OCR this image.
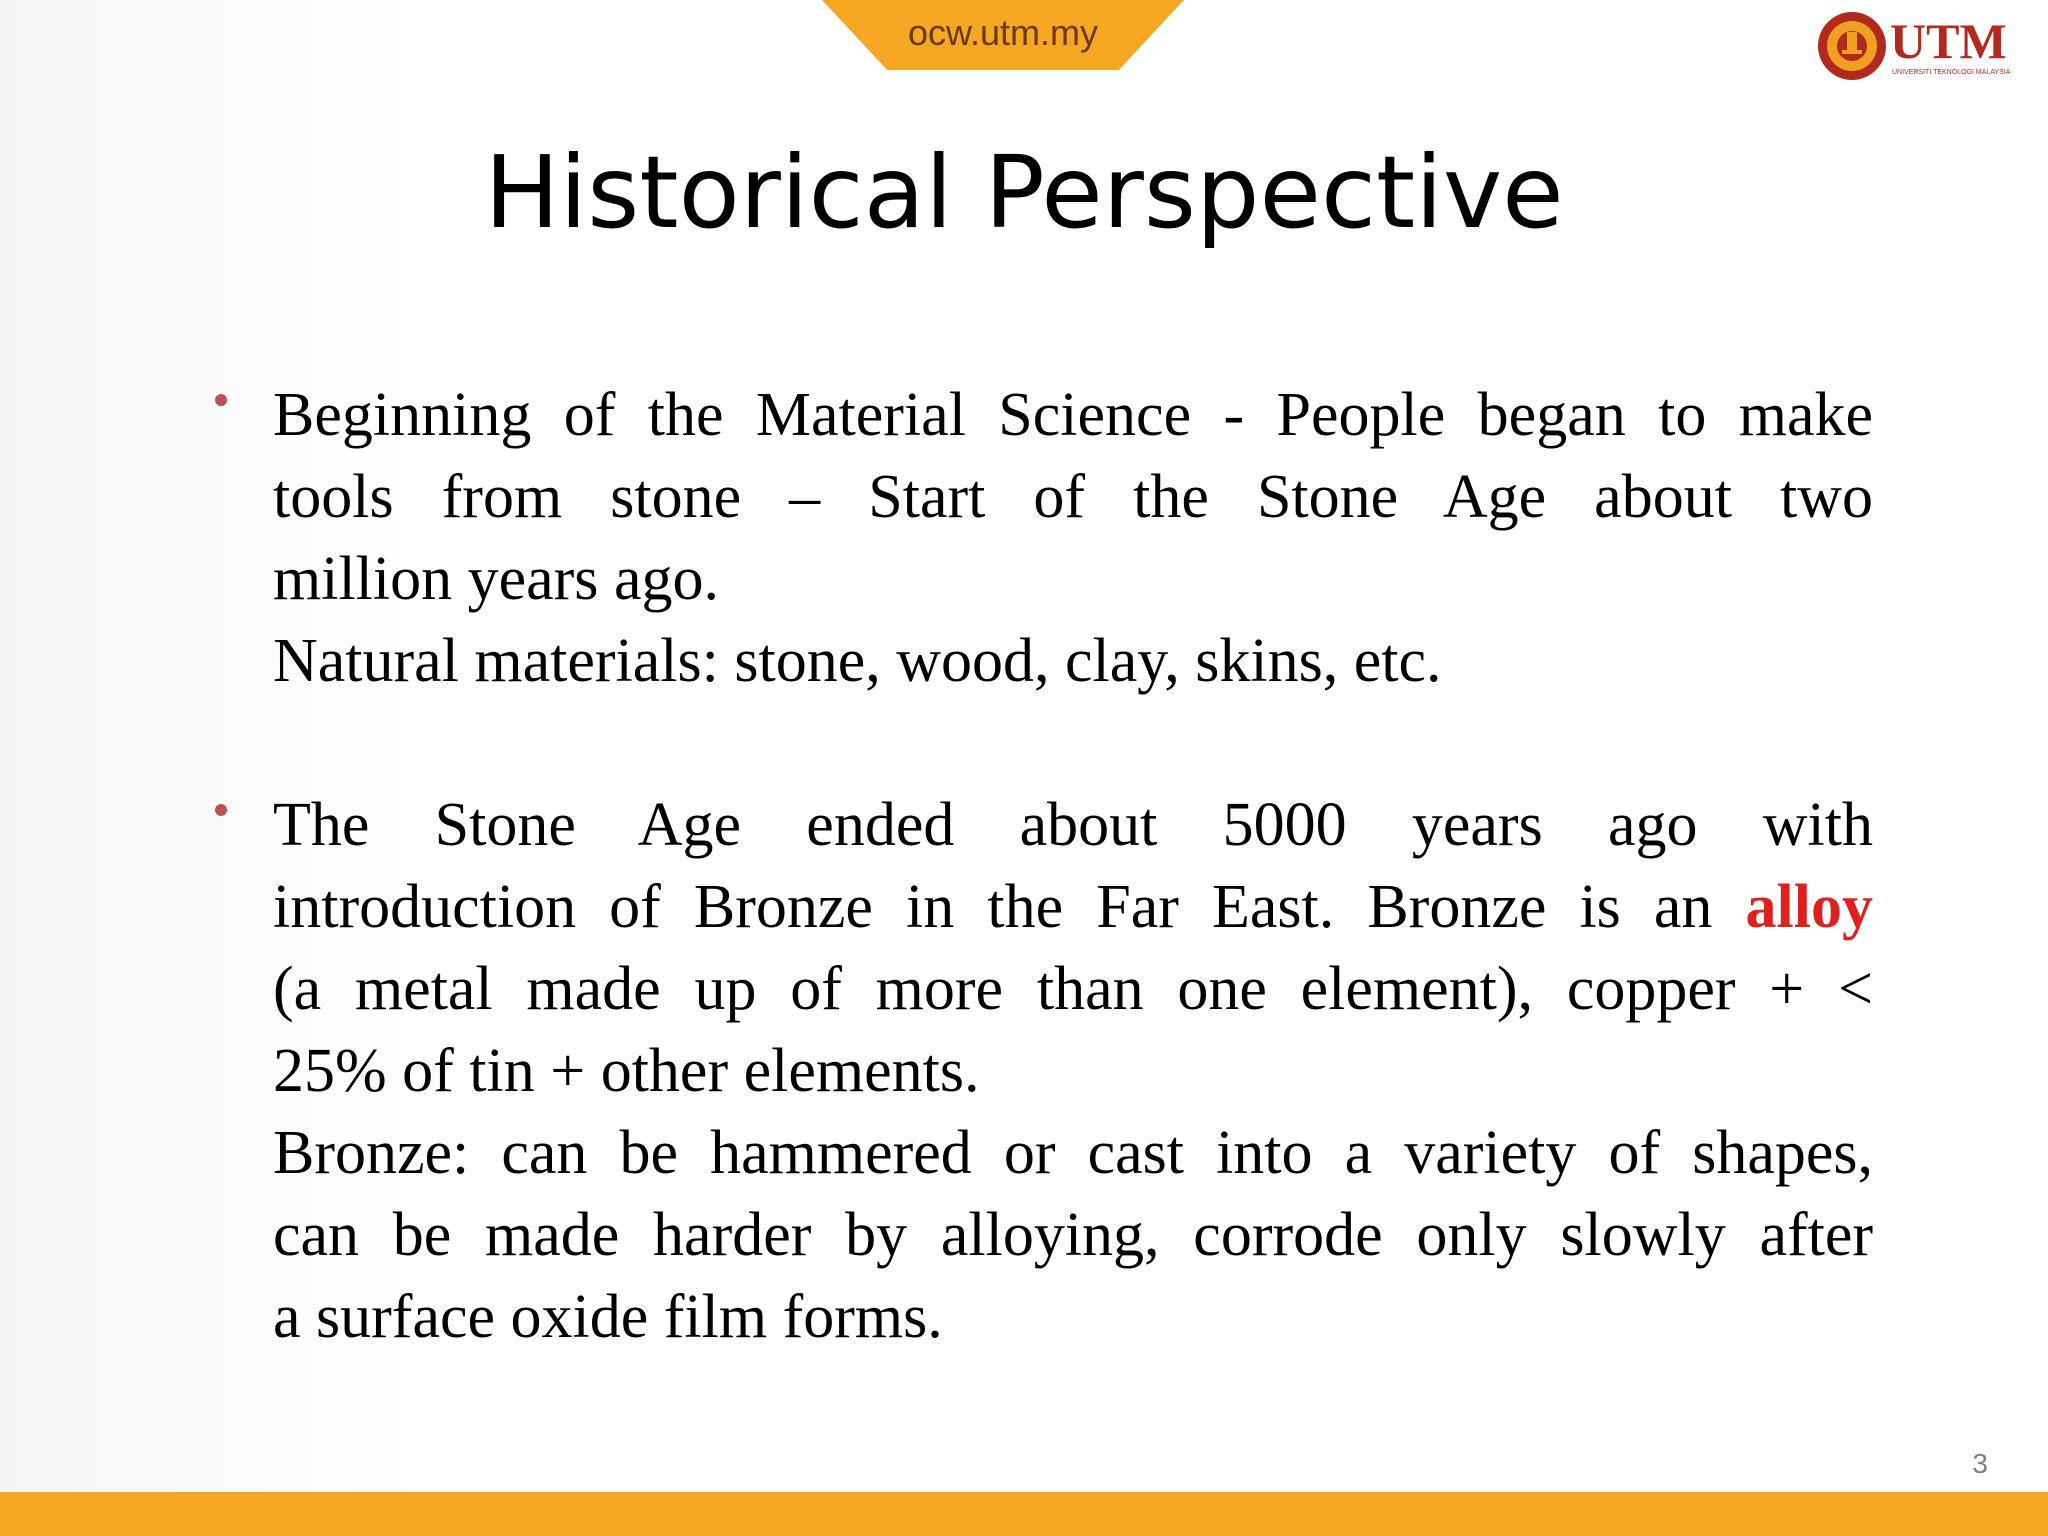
ocw.utm.my	UTM
UNIVERSITI TEKNOLOGI MALAYSIA
Historical Perspective
Beginning of the Material Science - People began to make
tools from stone – Start of the Stone Age about two
million years ago.
Natural materials: stone, wood, clay, skins, etc.
The Stone Age ended about 5000 years ago with
introduction of Bronze in the Far East. Bronze is an alloy
(a metal made up of more than one element), copper + <
25% of tin + other elements.
Bronze: can be hammered or cast into a variety of shapes,
can be made harder by alloying, corrode only slowly after
a surface oxide film forms.
3
